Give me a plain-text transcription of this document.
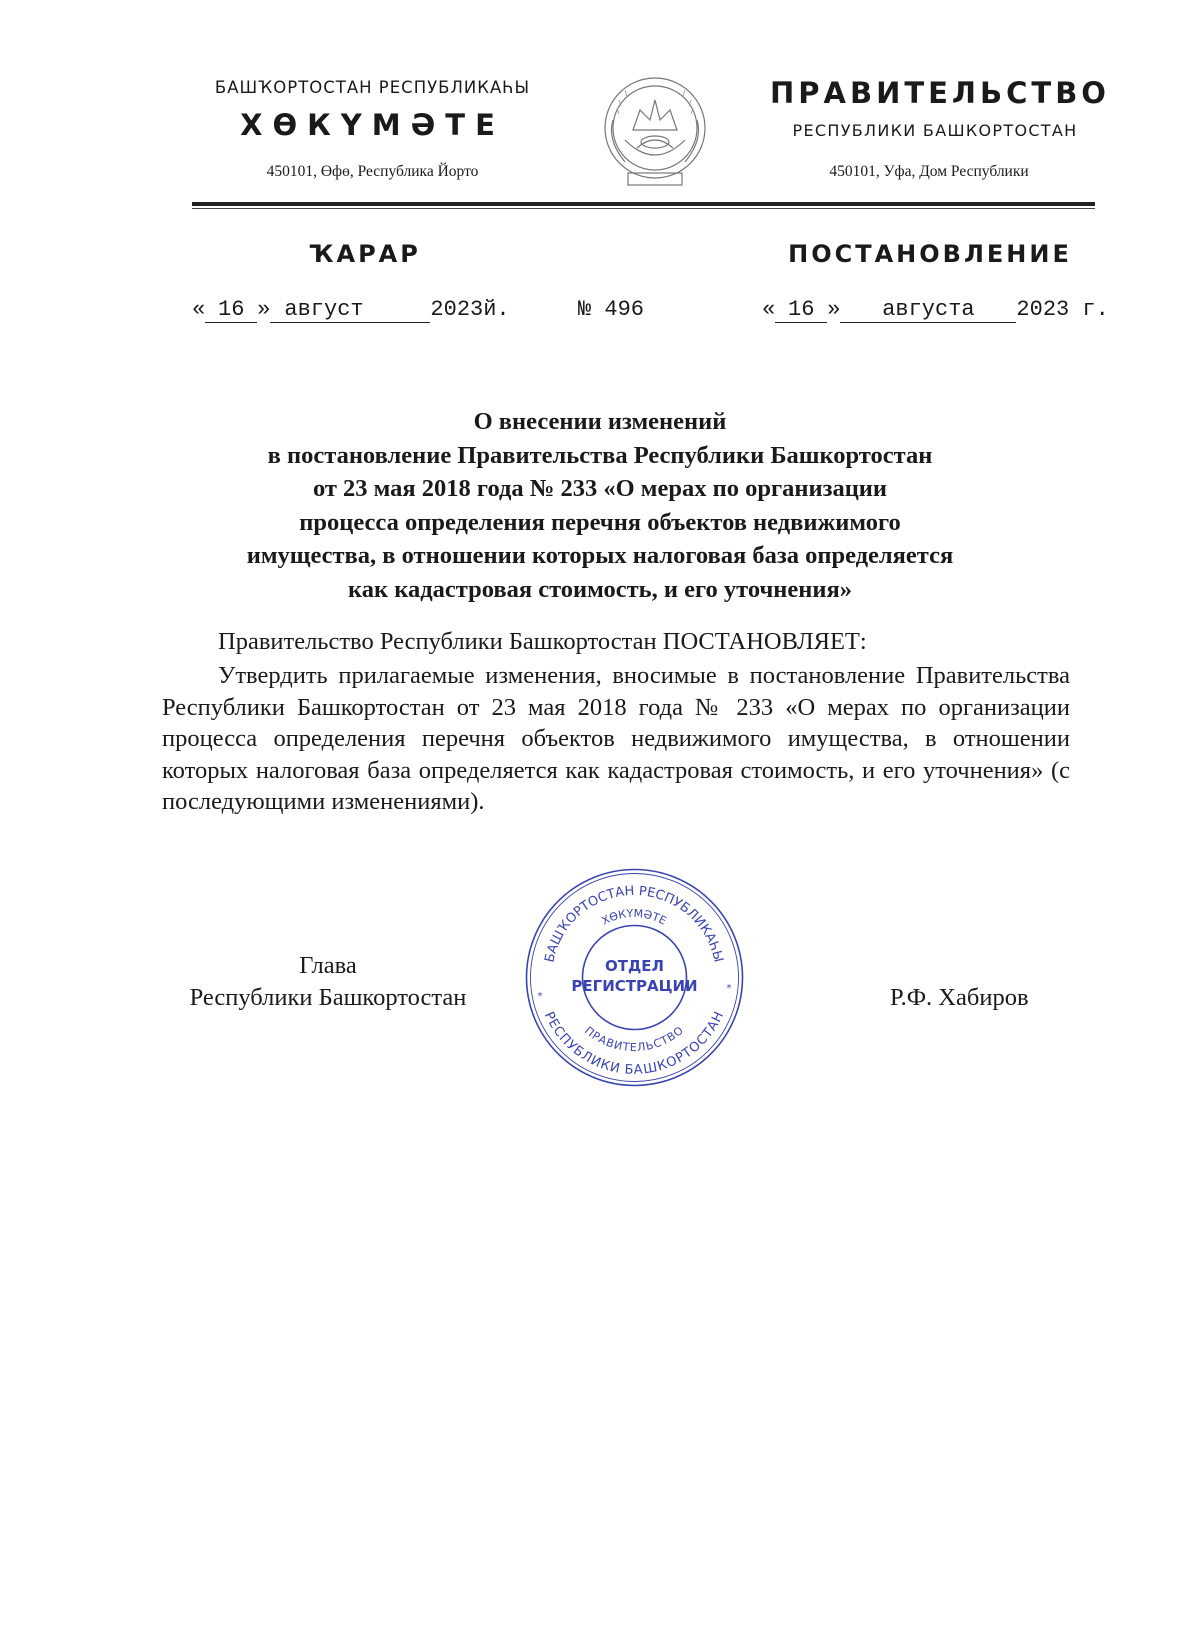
БАШҠОРТОСТАН РЕСПУБЛИКАҺЫ
ХӨКҮМӘТЕ
450101, Өфө, Республика Йорто
ПРАВИТЕЛЬСТВО
РЕСПУБЛИКИ БАШКОРТОСТАН
450101, Уфа, Дом Республики
ҠАРАР	ПОСТАНОВЛЕНИЕ
« 16 » август	2023й.	№ 496	« 16 » августа 2023 г.
О внесении изменений
в постановление Правительства Республики Башкортостан
от 23 мая 2018 года № 233 «О мерах по организации
процесса определения перечня объектов недвижимого
имущества, в отношении которых налоговая база определяется
как кадастровая стоимость, и его уточнения»
Правительство Республики Башкортостан ПОСТАНОВЛЯЕТ:
Утвердить прилагаемые изменения, вносимые в постановление Правительства Республики Башкортостан от 23 мая 2018 года № 233 «О мерах по организации процесса определения перечня объектов недвижимого имущества, в отношении которых налоговая база определяется как кадастровая стоимость, и его уточнения» (с последующими изменениями).
Глава
Республики Башкортостан	Р.Ф. Хабиров
БАШҠОРТОСТАН РЕСПУБЛИКАҺЫ
ХӨКҮМӘТЕ
РЕСПУБЛИКИ БАШКОРТОСТАН
ПРАВИТЕЛЬСТВО
ОТДЕЛ
РЕГИСТРАЦИИ
*
*
